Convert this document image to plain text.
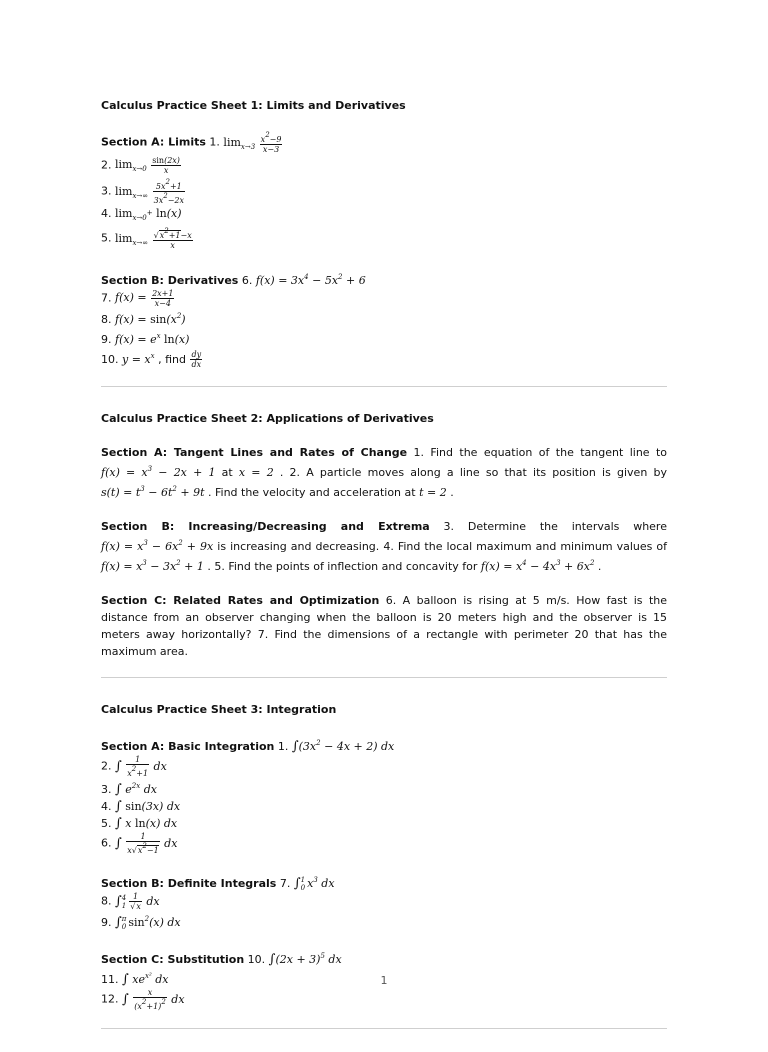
Calculus Practice Sheet 1: Limits and Derivatives
Section A: Limits 1. $\lim_{x\to 3} \frac{x2-9}{x-3}$
2. $\lim_{x\to 0} \frac{\sin(2x)}{x}$
3. $\lim_{x\to\infty} \frac{5x2+1}{3x2-2x}$
4. $\lim_{x\to 0+} \ln(x)$
5. $\lim_{x\to\infty} \frac{√x2+1-x}{x}$
Section B: Derivatives 6. $f(x) = 3x^4 - 5x^2 + 6$
7. $f(x) = \frac{2x+1}{x-4}$
8. $f(x) = \sin(x^2)$
9. $f(x) = e^x$ ln(x)
10. $y = x^x$ , find $\frac{dy}{dx}$
Calculus Practice Sheet 2: Applications of Derivatives
Section A: Tangent Lines and Rates of Change 1. Find the equation of the tangent line to $f(x) = x^3 - 2x + 1$ at x = 2 . 2. A particle moves along a line so that its position is given by $s(t) = t^3 - 6t^2 + 9t$ . Find the velocity and acceleration at t = 2 .
Section B: Increasing/Decreasing and Extrema 3. Determine the intervals where $f(x) = x^3 - 6x^2 + 9x$ is increasing and decreasing. 4. Find the local maximum and minimum values of $f(x) = x^3 - 3x^2 + 1$ . 5. Find the points of inflection and concavity for $f(x) = x^4 - 4x^3 + 6x^2$ .
Section C: Related Rates and Optimization 6. A balloon is rising at 5 m/s. How fast is the distance from an observer changing when the balloon is 20 meters high and the observer is 15 meters away horizontally? 7. Find the dimensions of a rectangle with perimeter 20 that has the maximum area.
Calculus Practice Sheet 3: Integration
Section A: Basic Integration 1. $\int(3x^2 - 4x + 2)$ dx
2. ∫ $\frac{1}{x2+1}$ dx
3. ∫ $e^{2x}$ dx
4. ∫ sin(3x) dx
5. ∫ x ln(x) dx
6. ∫ $\frac{1}{x√x2-1}$ dx
Section B: Definite Integrals 7. ∫ 1
0 $x^3$ dx
8. ∫ 4
$1 \frac{1}{√x}$ dx
9. ∫ π
0 $\sin^2(x)$ dx
Section C: Substitution 10. $\int(2x + 3)^5$ dx
11. ∫ $xe^{x^2}$ dx
12. ∫ $\frac{x}{(x2+1)2}$ dx
1
